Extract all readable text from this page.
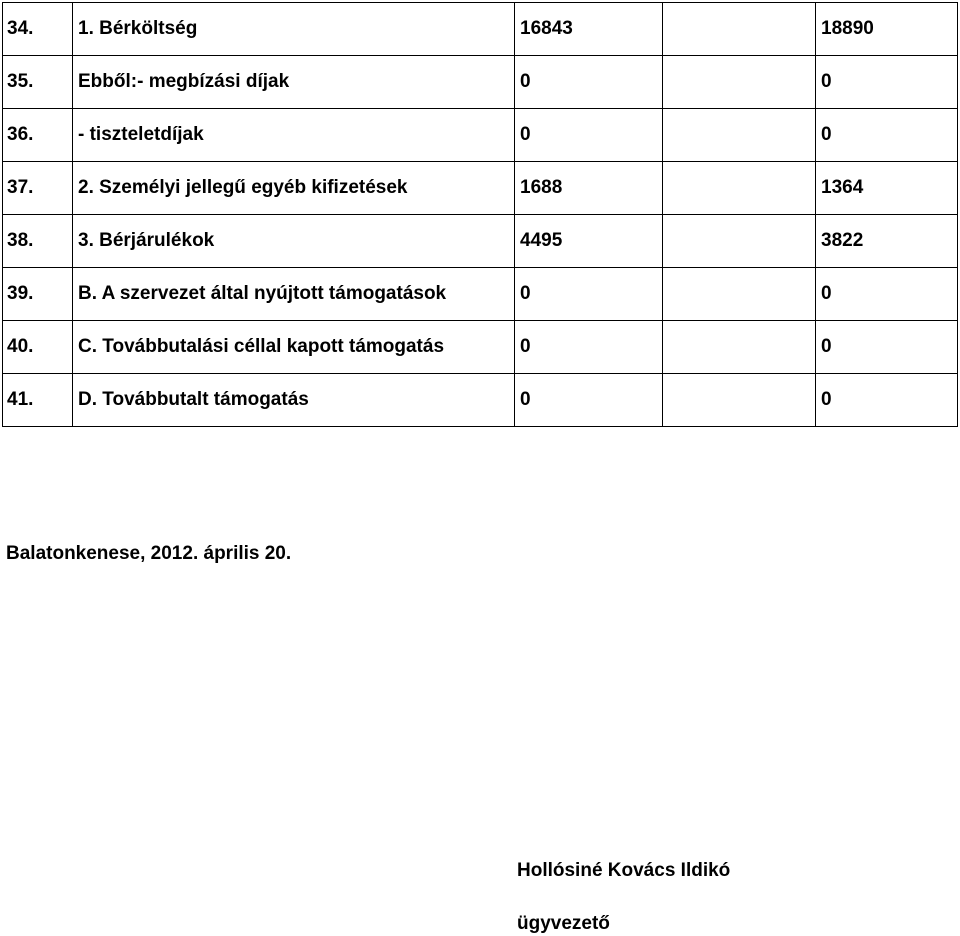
34.	1. Bérköltség	16843		18890
35.	Ebből:- megbízási díjak	0		0
36.	- tiszteletdíjak	0		0
37.	2. Személyi jellegű egyéb kifizetések	1688		1364
38.	3. Bérjárulékok	4495		3822
39.	B. A szervezet által nyújtott támogatások	0		0
40.	C. Továbbutalási céllal kapott támogatás	0		0
41.	D. Továbbutalt támogatás	0		0
Balatonkenese, 2012. április 20.
Hollósiné Kovács Ildikó
ügyvezető
